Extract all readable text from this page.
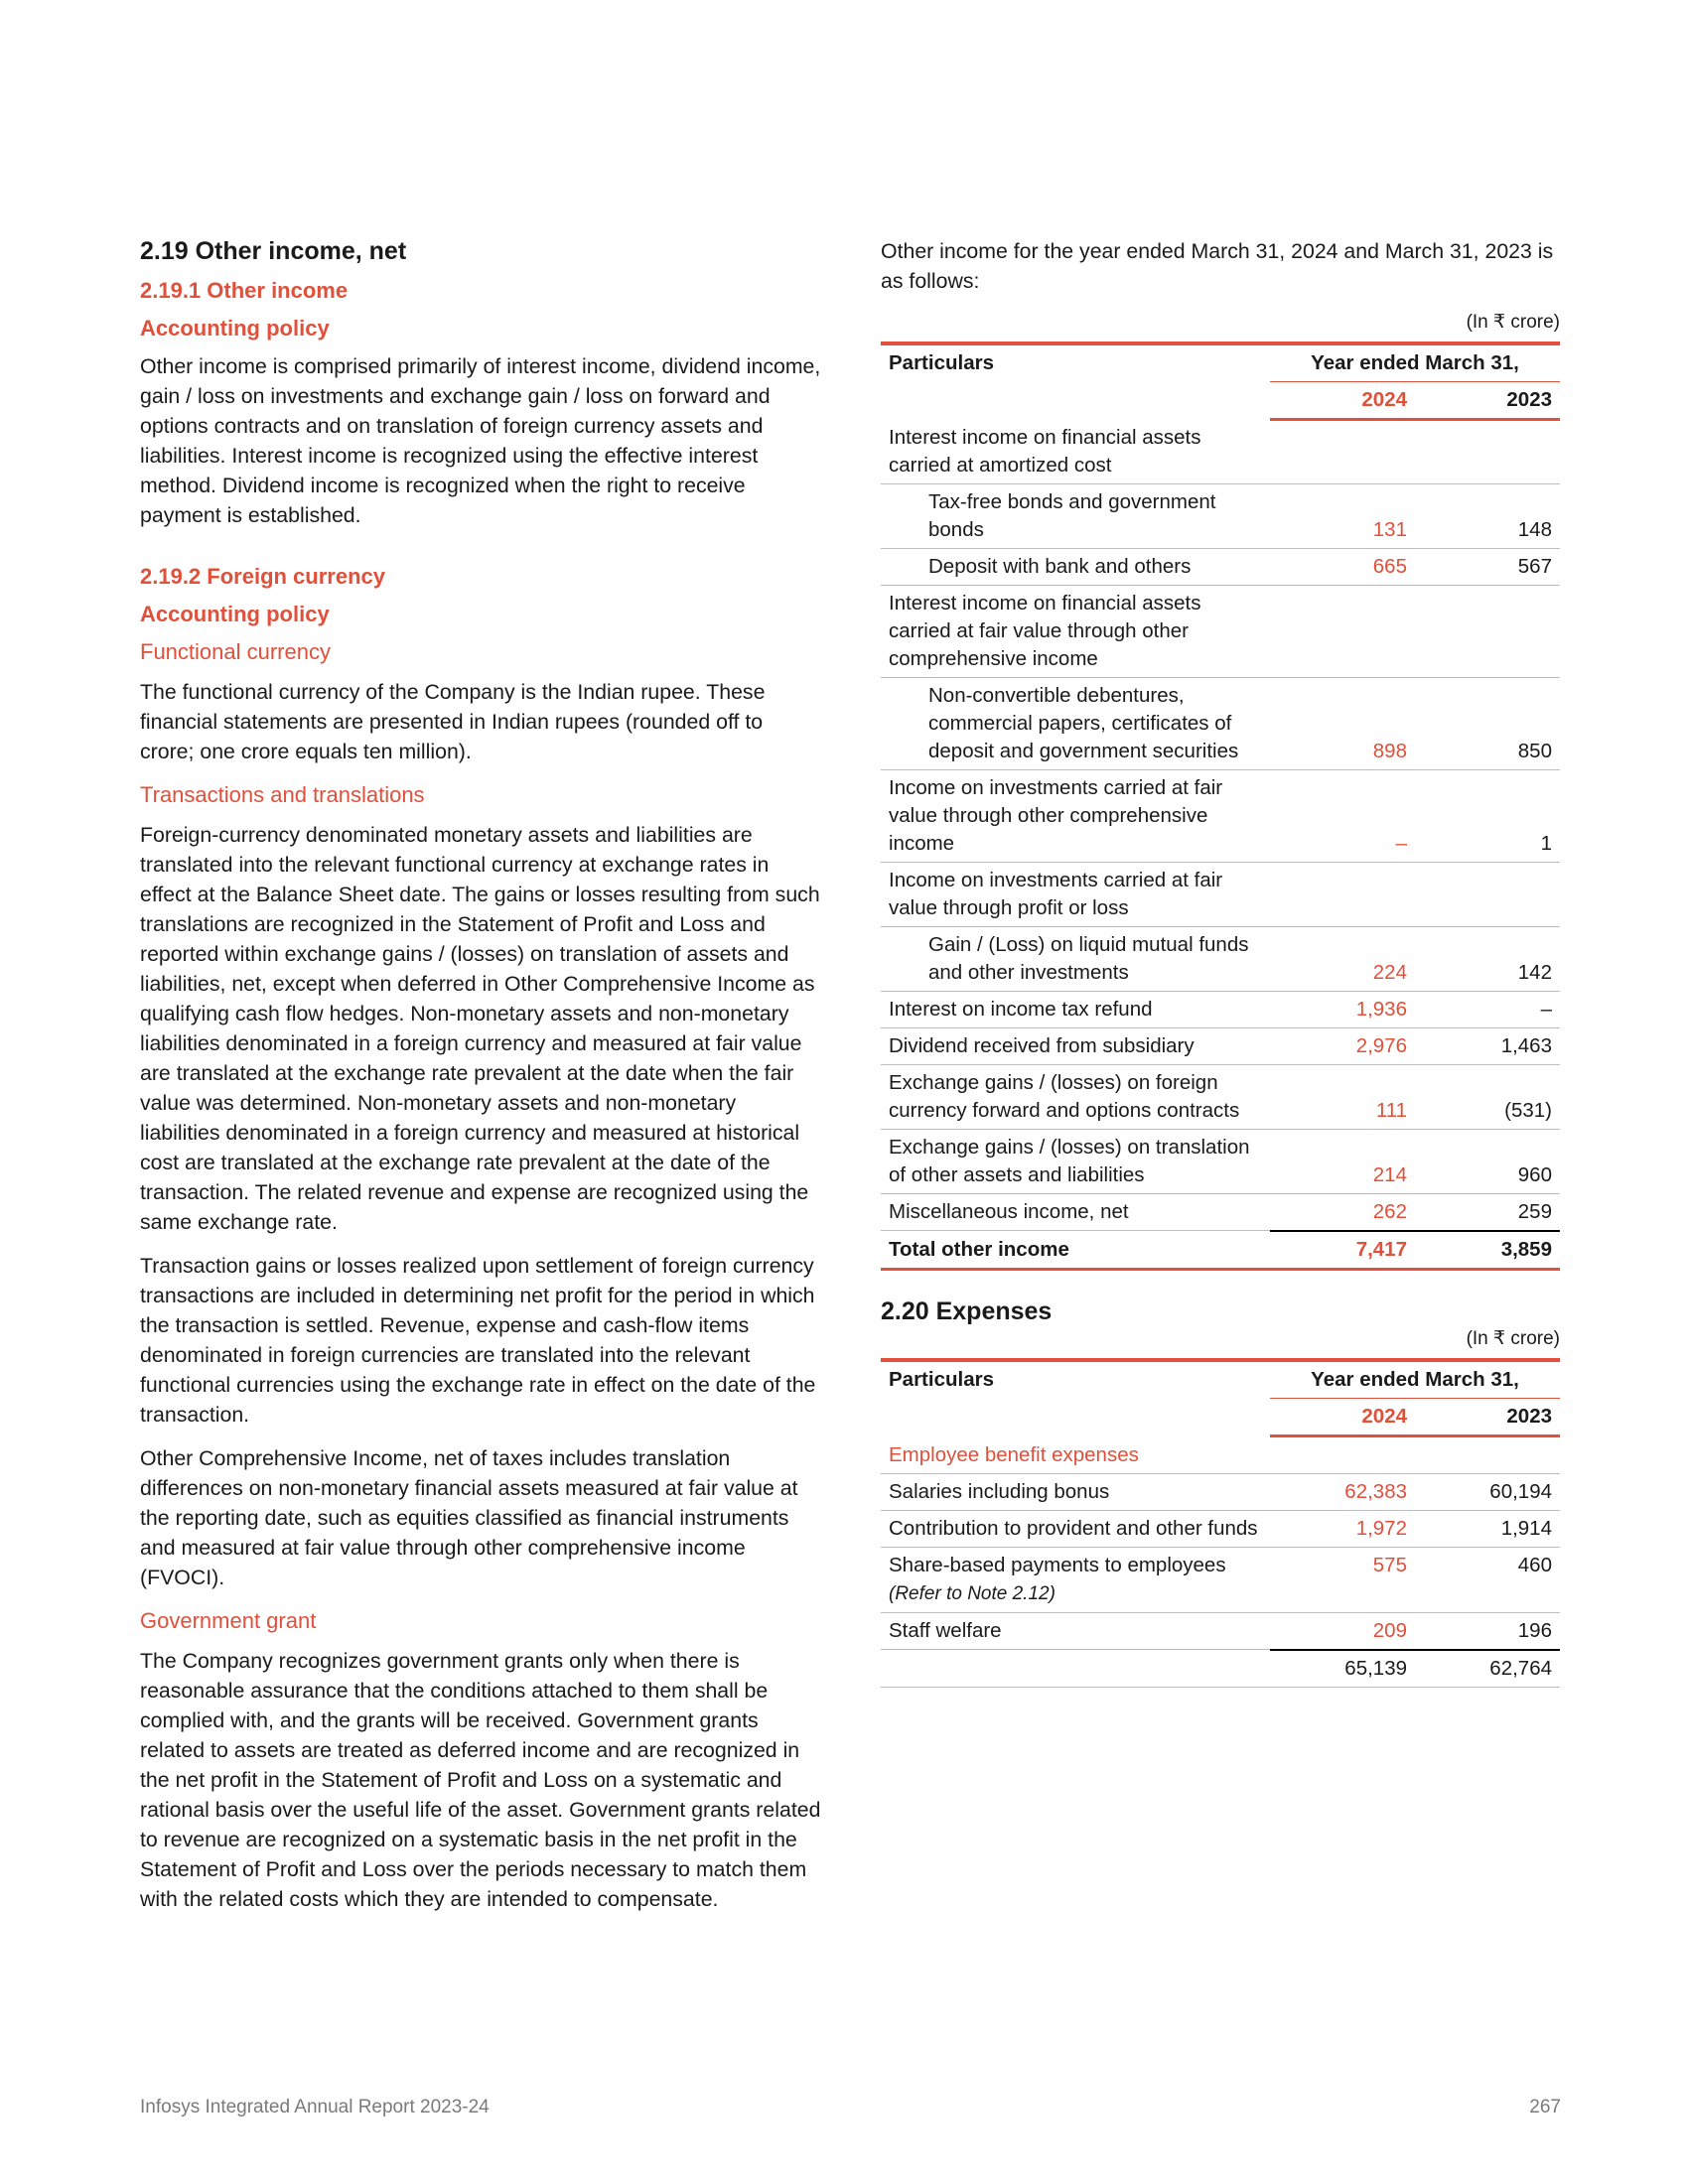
2.19 Other income, net
2.19.1 Other income
Accounting policy

Other income is comprised primarily of interest income, dividend income, gain / loss on investments and exchange gain / loss on forward and options contracts and on translation of foreign currency assets and liabilities. Interest income is recognized using the effective interest method. Dividend income is recognized when the right to receive payment is established.

2.19.2 Foreign currency
Accounting policy
Functional currency

The functional currency of the Company is the Indian rupee. These financial statements are presented in Indian rupees (rounded off to crore; one crore equals ten million).

Transactions and translations

Foreign-currency denominated monetary assets and liabilities are translated into the relevant functional currency at exchange rates in effect at the Balance Sheet date. The gains or losses resulting from such translations are recognized in the Statement of Profit and Loss and reported within exchange gains / (losses) on translation of assets and liabilities, net, except when deferred in Other Comprehensive Income as qualifying cash flow hedges. Non-monetary assets and non-monetary liabilities denominated in a foreign currency and measured at fair value are translated at the exchange rate prevalent at the date when the fair value was determined. Non-monetary assets and non-monetary liabilities denominated in a foreign currency and measured at historical cost are translated at the exchange rate prevalent at the date of the transaction. The related revenue and expense are recognized using the same exchange rate.

Transaction gains or losses realized upon settlement of foreign currency transactions are included in determining net profit for the period in which the transaction is settled. Revenue, expense and cash-flow items denominated in foreign currencies are translated into the relevant functional currencies using the exchange rate in effect on the date of the transaction.

Other Comprehensive Income, net of taxes includes translation differences on non-monetary financial assets measured at fair value at the reporting date, such as equities classified as financial instruments and measured at fair value through other comprehensive income (FVOCI).

Government grant

The Company recognizes government grants only when there is reasonable assurance that the conditions attached to them shall be complied with, and the grants will be received. Government grants related to assets are treated as deferred income and are recognized in the net profit in the Statement of Profit and Loss on a systematic and rational basis over the useful life of the asset. Government grants related to revenue are recognized on a systematic basis in the net profit in the Statement of Profit and Loss over the periods necessary to match them with the related costs which they are intended to compensate.

Other income for the year ended March 31, 2024 and March 31, 2023 is as follows:

(In ₹ crore)
Particulars	Year ended March 31,	
	2024	2023
Interest income on financial assets carried at amortized cost		
Tax-free bonds and government bonds	131	148
Deposit with bank and others	665	567
Interest income on financial assets carried at fair value through other comprehensive income		
Non-convertible debentures, commercial papers, certificates of deposit and government securities	898	850
Income on investments carried at fair value through other comprehensive income	–	1
Income on investments carried at fair value through profit or loss		
Gain / (Loss) on liquid mutual funds and other investments	224	142
Interest on income tax refund	1,936	–
Dividend received from subsidiary	2,976	1,463
Exchange gains / (losses) on foreign currency forward and options contracts	111	(531)
Exchange gains / (losses) on translation of other assets and liabilities	214	960
Miscellaneous income, net	262	259
Total other income	7,417	3,859
2.20 Expenses
(In ₹ crore)
Particulars	Year ended March 31,	
	2024	2023
Employee benefit expenses		
Salaries including bonus	62,383	60,194
Contribution to provident and other funds	1,972	1,914
Share-based payments to employees
(Refer to Note 2.12)	575	460
Staff welfare	209	196
	65,139	62,764
Infosys Integrated Annual Report 2023-24	267
